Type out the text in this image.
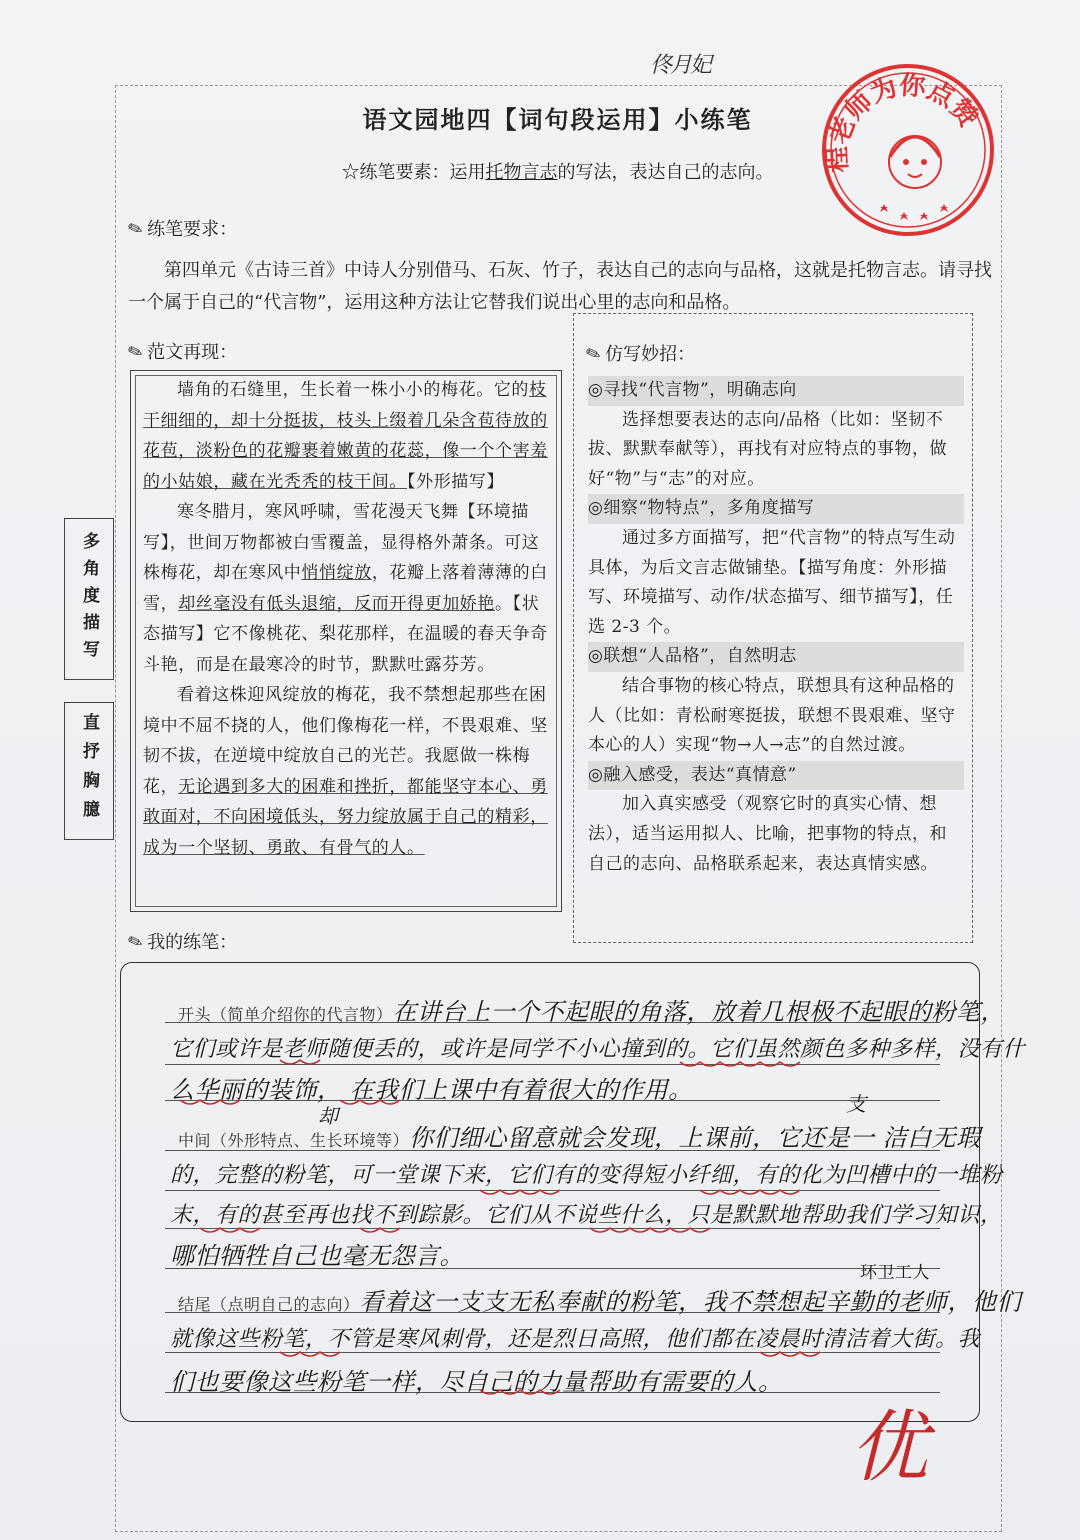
佟月妃
程老师为你点赞
语文园地四【词句段运用】小练笔
☆练笔要素：运用托物言志的写法，表达自己的志向。
✎练笔要求：
第四单元《古诗三首》中诗人分别借马、石灰、竹子，表达自己的志向与品格，这就是托物言志。请寻找一个属于自己的“代言物”，运用这种方法让它替我们说出心里的志向和品格。
✎范文再现：

墙角的石缝里，生长着一株小小的梅花。它的枝干细细的，却十分挺拔，枝头上缀着几朵含苞待放的花苞，淡粉色的花瓣裹着嫩黄的花蕊，像一个个害羞的小姑娘，藏在光秃秃的枝干间。【外形描写】

寒冬腊月，寒风呼啸，雪花漫天飞舞【环境描写】，世间万物都被白雪覆盖，显得格外萧条。可这株梅花，却在寒风中悄悄绽放，花瓣上落着薄薄的白雪，却丝毫没有低头退缩，反而开得更加娇艳。【状态描写】它不像桃花、梨花那样，在温暖的春天争奇斗艳，而是在最寒冷的时节，默默吐露芬芳。

看着这株迎风绽放的梅花，我不禁想起那些在困境中不屈不挠的人，他们像梅花一样，不畏艰难、坚韧不拔，在逆境中绽放自己的光芒。我愿做一株梅花，无论遇到多大的困难和挫折，都能坚守本心、勇敢面对，不向困境低头，努力绽放属于自己的精彩，成为一个坚韧、勇敢、有骨气的人。

多角度描写
直抒胸臆
✎仿写妙招：
◎寻找“代言物”，明确志向
选择想要表达的志向/品格（比如：坚韧不拔、默默奉献等），再找有对应特点的事物，做好“物”与“志”的对应。
◎细察“物特点”，多角度描写
通过多方面描写，把“代言物”的特点写生动具体，为后文言志做铺垫。【描写角度：外形描写、环境描写、动作/状态描写、细节描写】，任选 2-3 个。
◎联想“人品格”，自然明志
结合事物的核心特点，联想具有这种品格的人（比如：青松耐寒挺拔，联想不畏艰难、坚守本心的人）实现“物→人→志”的自然过渡。
◎融入感受，表达“真情意”
加入真实感受（观察它时的真实心情、想法），适当运用拟人、比喻，把事物的特点，和自己的志向、品格联系起来，表达真情实感。
✎我的练笔：
开头（简单介绍你的代言物）在讲台上一个不起眼的角落，放着几根极不起眼的粉笔，
它们或许是老师随便丢的，或许是同学不小心撞到的。它们虽然颜色多种多样，没有什
么华丽的装饰， 在我们上课中有着很大的作用。
却	支
中间（外形特点、生长环境等）你们细心留意就会发现，上课前，它还是一 洁白无瑕
的，完整的粉笔，可一堂课下来，它们有的变得短小纤细，有的化为凹槽中的一堆粉
末，有的甚至再也找不到踪影。它们从不说些什么，只是默默地帮助我们学习知识，
哪怕牺牲自己也毫无怨言。
环卫工人
结尾（点明自己的志向）看着这一支支无私奉献的粉笔，我不禁想起辛勤的老师，他们
就像这些粉笔，不管是寒风刺骨，还是烈日高照，他们都在凌晨时清洁着大街。我
们也要像这些粉笔一样，尽自己的力量帮助有需要的人。
优
